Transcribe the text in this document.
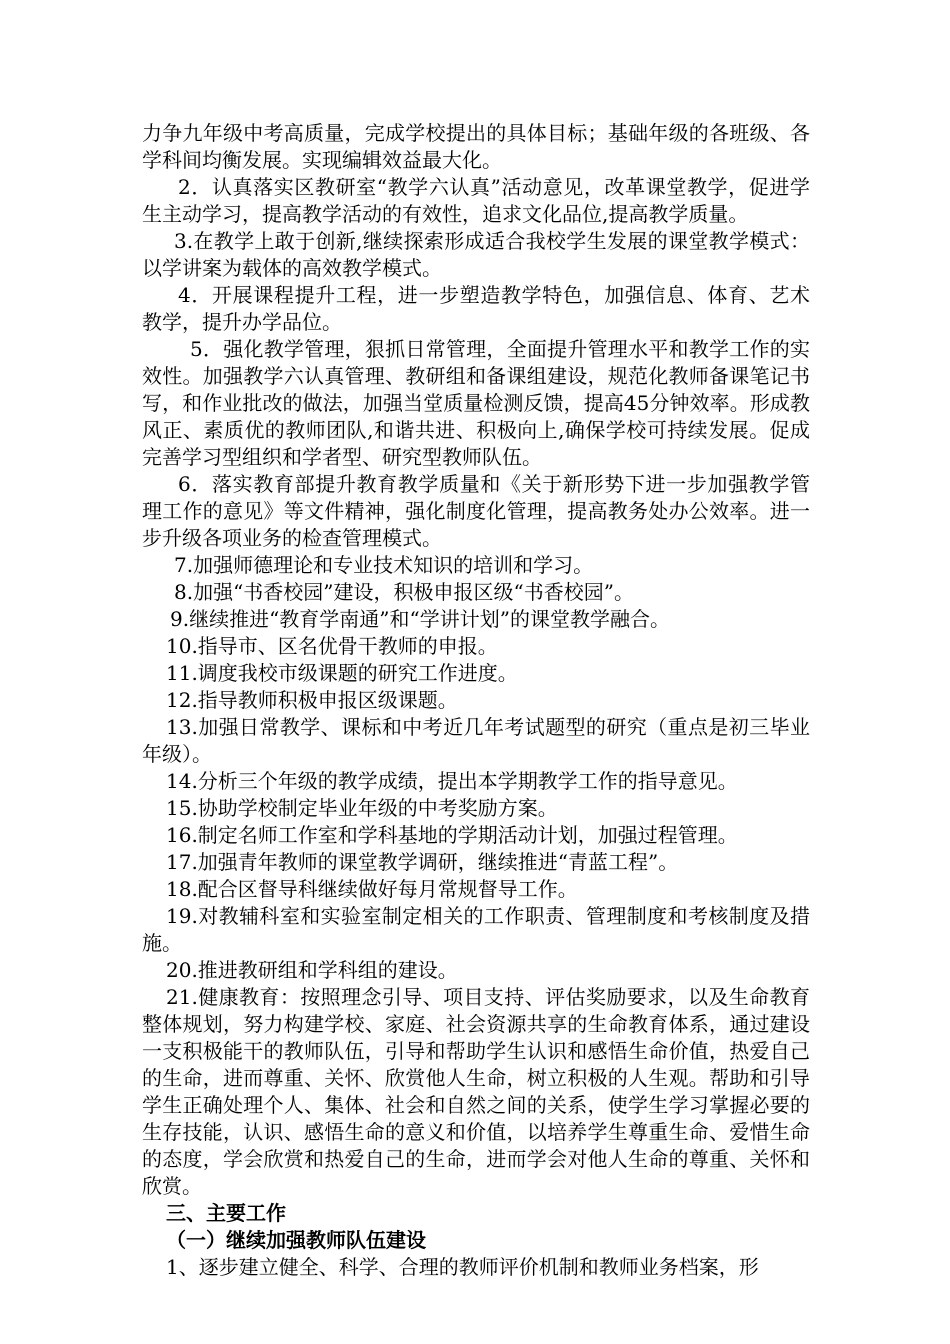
力争九年级中考高质量，完成学校提出的具体目标；基础年级的各班级、各学科间均衡发展。实现编辑效益最大化。

2．认真落实区教研室“教学六认真”活动意见，改革课堂教学，促进学生主动学习，提高教学活动的有效性，追求文化品位,提高教学质量。

3.在教学上敢于创新,继续探索形成适合我校学生发展的课堂教学模式：以学讲案为载体的高效教学模式。

4．开展课程提升工程，进一步塑造教学特色，加强信息、体育、艺术教学，提升办学品位。

5．强化教学管理，狠抓日常管理，全面提升管理水平和教学工作的实效性。加强教学六认真管理、教研组和备课组建设，规范化教师备课笔记书写，和作业批改的做法，加强当堂质量检测反馈，提高45分钟效率。形成教风正、素质优的教师团队,和谐共进、积极向上,确保学校可持续发展。促成完善学习型组织和学者型、研究型教师队伍。

6．落实教育部提升教育教学质量和《关于新形势下进一步加强教学管理工作的意见》等文件精神，强化制度化管理，提高教务处办公效率。进一步升级各项业务的检查管理模式。

7.加强师德理论和专业技术知识的培训和学习。

8.加强“书香校园”建设，积极申报区级“书香校园”。

9.继续推进“教育学南通”和“学讲计划”的课堂教学融合。

10.指导市、区名优骨干教师的申报。

11.调度我校市级课题的研究工作进度。

12.指导教师积极申报区级课题。

13.加强日常教学、课标和中考近几年考试题型的研究（重点是初三毕业年级）。

14.分析三个年级的教学成绩，提出本学期教学工作的指导意见。

15.协助学校制定毕业年级的中考奖励方案。

16.制定名师工作室和学科基地的学期活动计划，加强过程管理。

17.加强青年教师的课堂教学调研，继续推进“青蓝工程”。

18.配合区督导科继续做好每月常规督导工作。

19.对教辅科室和实验室制定相关的工作职责、管理制度和考核制度及措施。

20.推进教研组和学科组的建设。

21.健康教育：按照理念引导、项目支持、评估奖励要求，以及生命教育整体规划，努力构建学校、家庭、社会资源共享的生命教育体系，通过建设一支积极能干的教师队伍，引导和帮助学生认识和感悟生命价值，热爱自己的生命，进而尊重、关怀、欣赏他人生命，树立积极的人生观。帮助和引导学生正确处理个人、集体、社会和自然之间的关系，使学生学习掌握必要的生存技能，认识、感悟生命的意义和价值，以培养学生尊重生命、爱惜生命的态度，学会欣赏和热爱自己的生命，进而学会对他人生命的尊重、关怀和欣赏。

三、主要工作

（一）继续加强教师队伍建设

1、逐步建立健全、科学、合理的教师评价机制和教师业务档案，形
